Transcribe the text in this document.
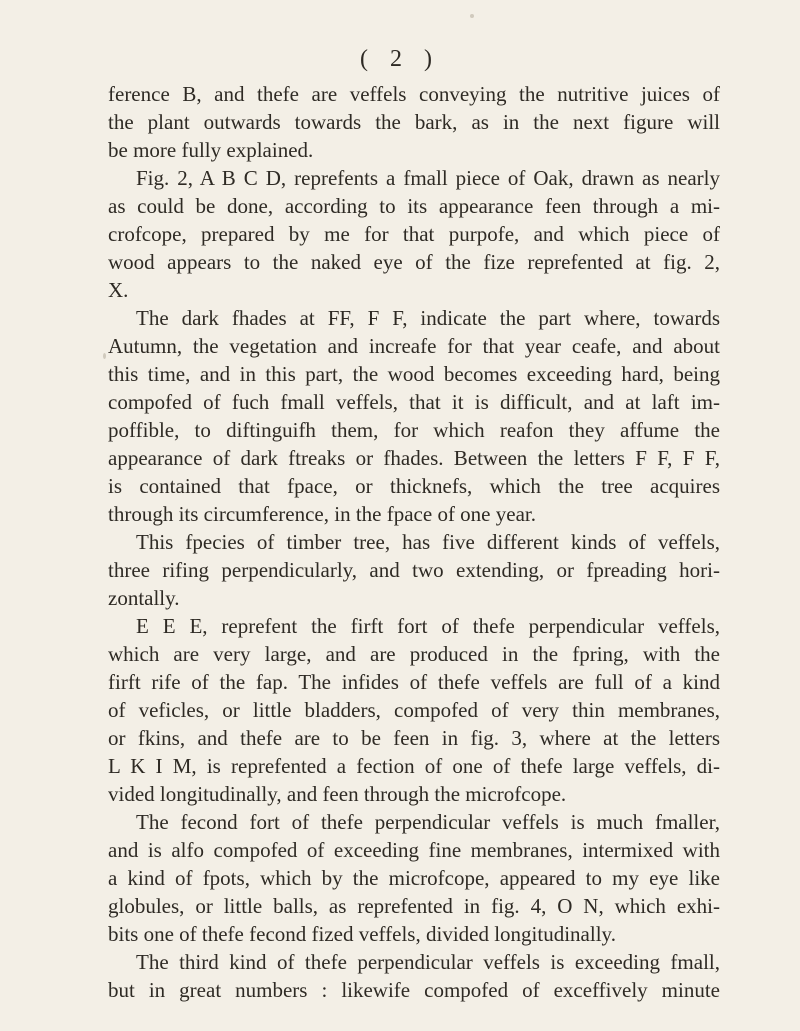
( 2 )
ference B, and thefe are veffels conveying the nutritive juices of
the plant outwards towards the bark, as in the next figure will
be more fully explained.
Fig. 2, A B C D, reprefents a fmall piece of Oak, drawn as nearly
as could be done, according to its appearance feen through a mi-
crofcope, prepared by me for that purpofe, and which piece of
wood appears to the naked eye of the fize reprefented at fig. 2,
X.
The dark fhades at FF, F F, indicate the part where, towards
Autumn, the vegetation and increafe for that year ceafe, and about
this time, and in this part, the wood becomes exceeding hard, being
compofed of fuch fmall veffels, that it is difficult, and at laft im-
poffible, to diftinguifh them, for which reafon they affume the
appearance of dark ftreaks or fhades. Between the letters F F, F F,
is contained that fpace, or thicknefs, which the tree acquires
through its circumference, in the fpace of one year.
This fpecies of timber tree, has five different kinds of veffels,
three rifing perpendicularly, and two extending, or fpreading hori-
zontally.
E E E, reprefent the firft fort of thefe perpendicular veffels,
which are very large, and are produced in the fpring, with the
firft rife of the fap. The infides of thefe veffels are full of a kind
of veficles, or little bladders, compofed of very thin membranes,
or fkins, and thefe are to be feen in fig. 3, where at the letters
L K I M, is reprefented a fection of one of thefe large veffels, di-
vided longitudinally, and feen through the microfcope.
The fecond fort of thefe perpendicular veffels is much fmaller,
and is alfo compofed of exceeding fine membranes, intermixed with
a kind of fpots, which by the microfcope, appeared to my eye like
globules, or little balls, as reprefented in fig. 4, O N, which exhi-
bits one of thefe fecond fized veffels, divided longitudinally.
The third kind of thefe perpendicular veffels is exceeding fmall,
but in great numbers : likewife compofed of exceffively minute
